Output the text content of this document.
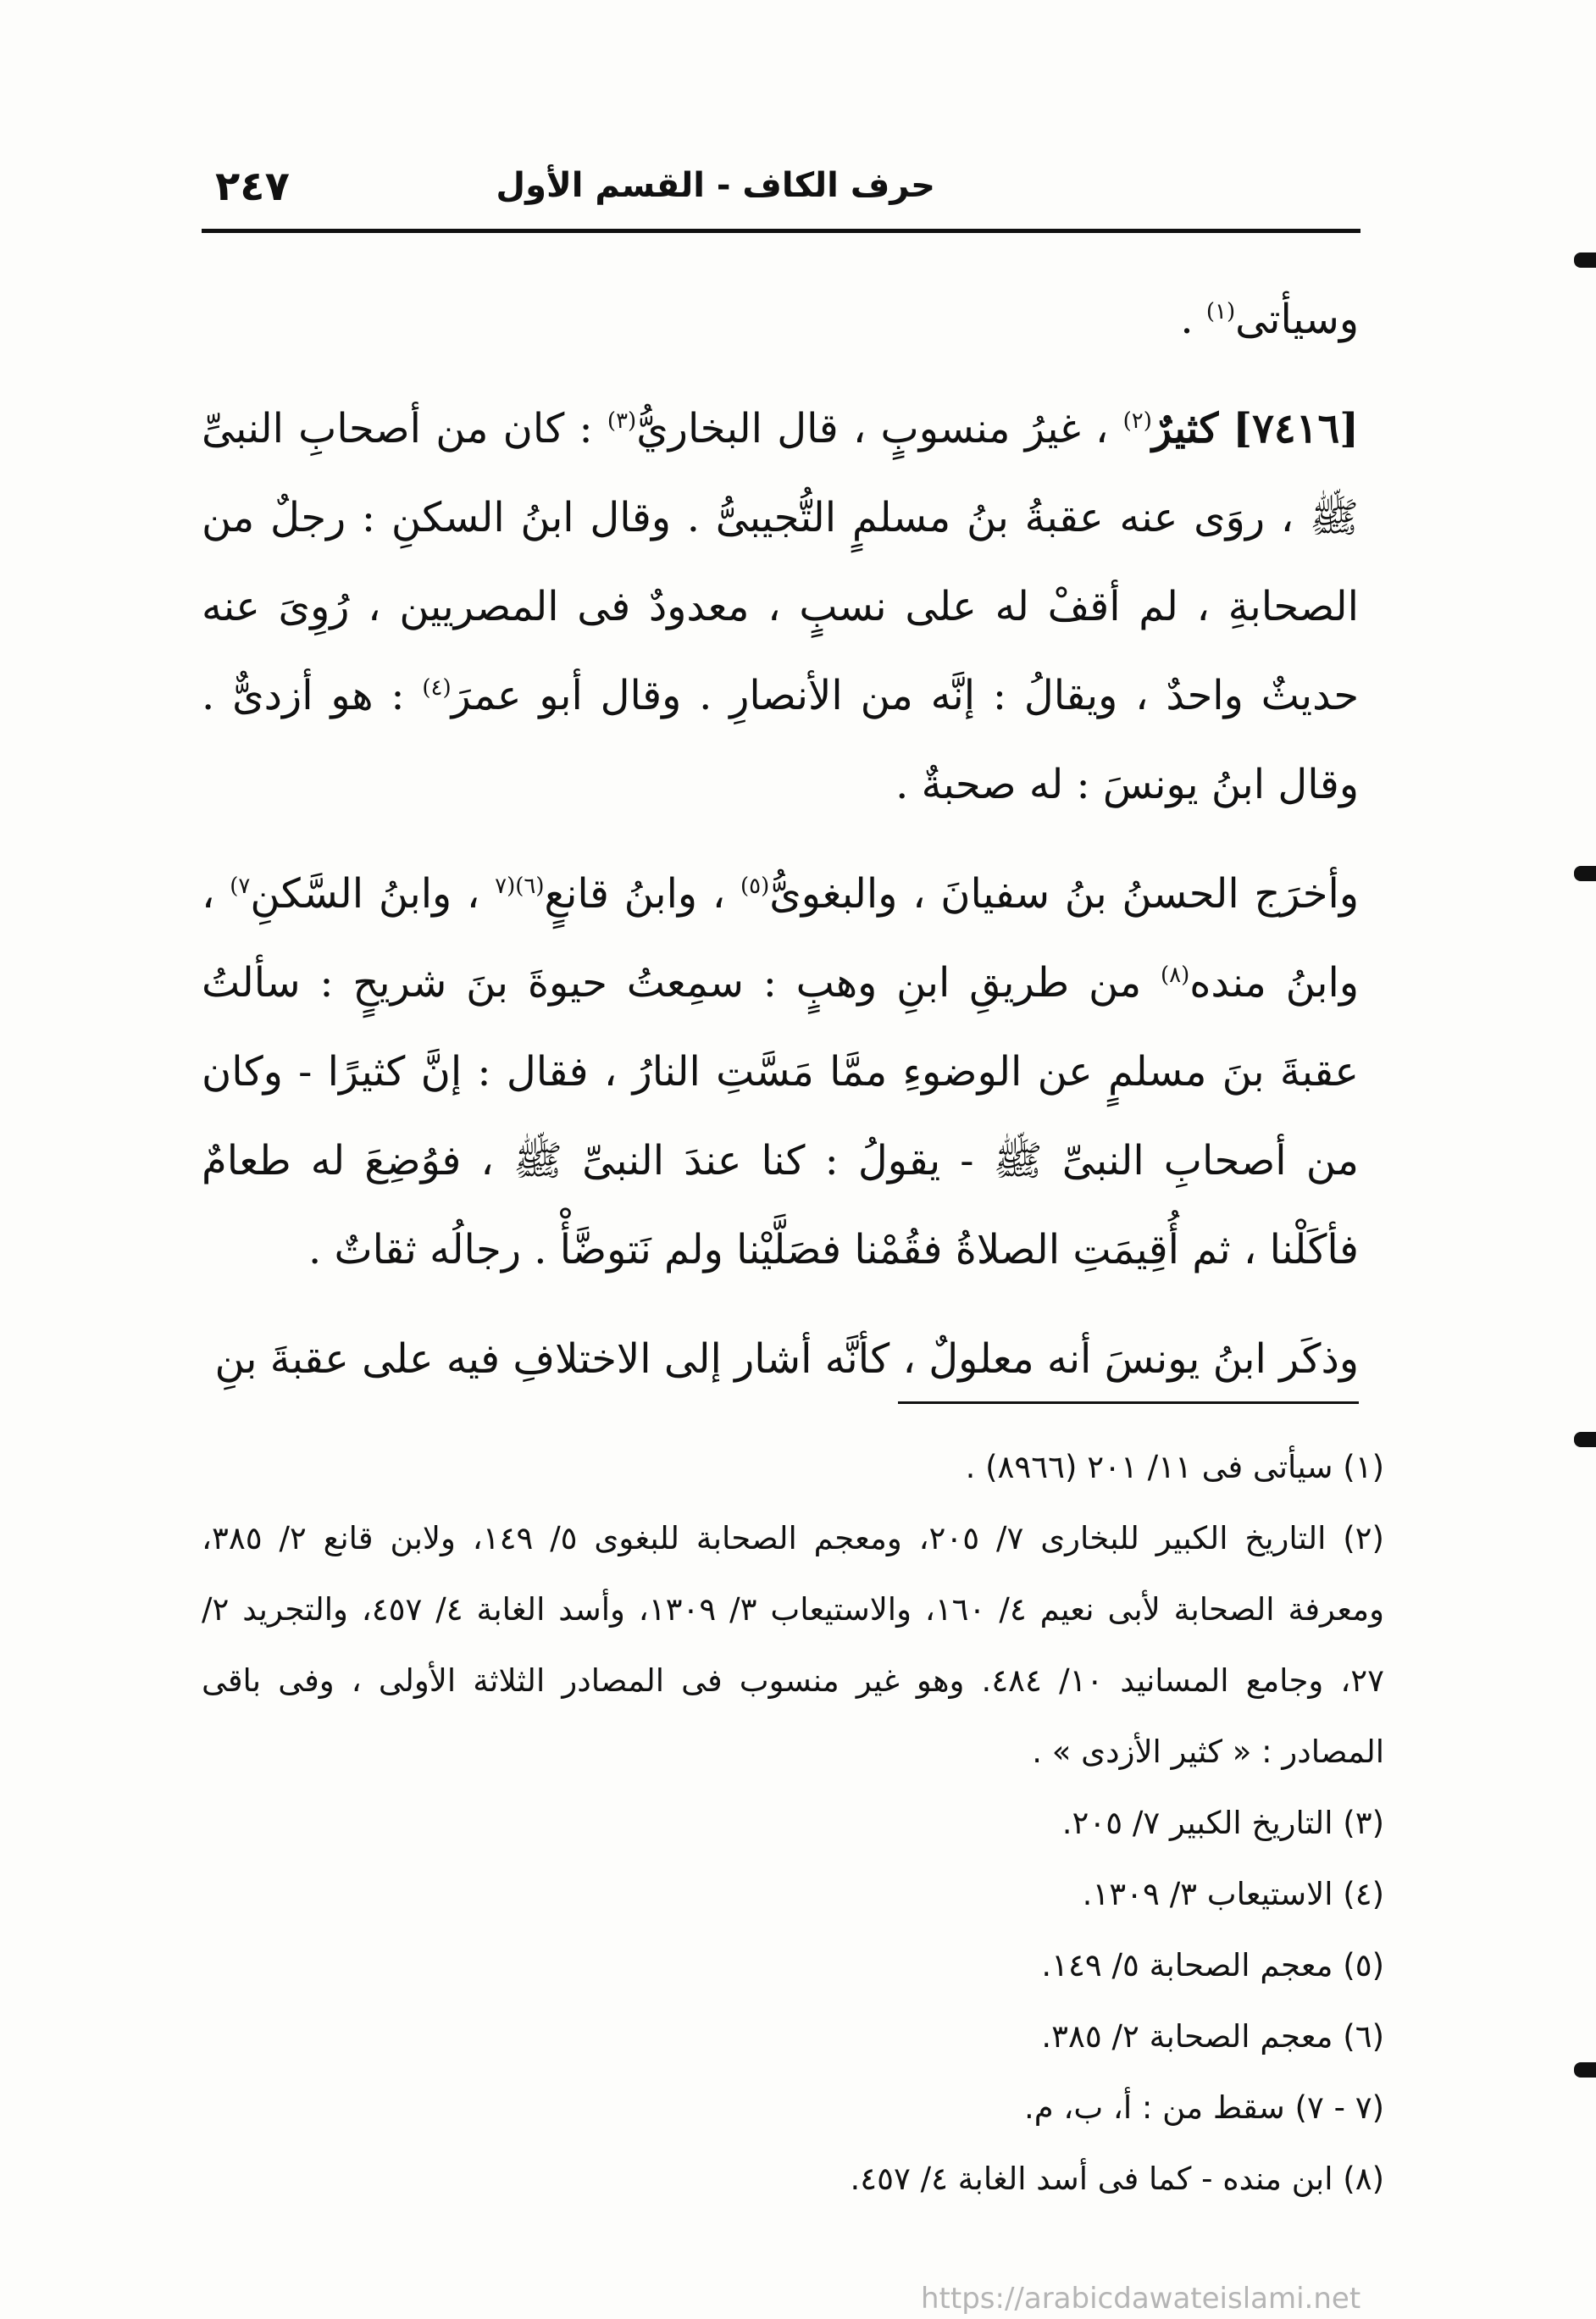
٢٤٧	حرف الكاف - القسم الأول

وسيأتى$^{(١)}$ .

[٧٤١٦] كثيرٌ$^{(٢)}$ ، غيرُ منسوبٍ ، قال البخاريُّ$^{(٣)}$ : كان من أصحابِ النبىِّ ﷺ ، روَى عنه عقبةُ بنُ مسلمٍ التُّجيبىُّ . وقال ابنُ السكنِ : رجلٌ من الصحابةِ ، لم أقفْ له على نسبٍ ، معدودٌ فى المصريين ، رُوِىَ عنه حديثٌ واحدٌ ، ويقالُ : إنَّه من الأنصارِ . وقال أبو عمرَ$^{(٤)}$ : هو أزدىٌّ . وقال ابنُ يونسَ : له صحبةٌ .

وأخرَج الحسنُ بنُ سفيانَ ، والبغوىُّ$^{(٥)}$ ، وابنُ قانعٍ$^{(٦)(٧}$ ، وابنُ السَّكنِ$^{٧)}$ ، وابنُ منده$^{(٨)}$ من طريقِ ابنِ وهبٍ : سمِعتُ حيوةَ بنَ شريحٍ : سألتُ عقبةَ بنَ مسلمٍ عن الوضوءِ ممَّا مَسَّتِ النارُ ، فقال : إنَّ كثيرًا - وكان من أصحابِ النبىِّ ﷺ - يقولُ : كنا عندَ النبىِّ ﷺ ، فوُضِعَ له طعامٌ فأكَلْنا ، ثم أُقِيمَتِ الصلاةُ فقُمْنا فصَلَّيْنا ولم نَتوضَّأْ . رجالُه ثقاتٌ .

وذكَر ابنُ يونسَ أنه معلولٌ ، كأنَّه أشار إلى الاختلافِ فيه على عقبةَ بنِ

(١) سيأتى فى ١١/ ٢٠١ (٨٩٦٦) .

(٢) التاريخ الكبير للبخارى ٧/ ٢٠٥، ومعجم الصحابة للبغوى ٥/ ١٤٩، ولابن قانع ٢/ ٣٨٥، ومعرفة الصحابة لأبى نعيم ٤/ ١٦٠، والاستيعاب ٣/ ١٣٠٩، وأسد الغابة ٤/ ٤٥٧، والتجريد ٢/ ٢٧، وجامع المسانيد ١٠/ ٤٨٤. وهو غير منسوب فى المصادر الثلاثة الأولى ، وفى باقى المصادر : « كثير الأزدى » .

(٣) التاريخ الكبير ٧/ ٢٠٥.

(٤) الاستيعاب ٣/ ١٣٠٩.

(٥) معجم الصحابة ٥/ ١٤٩.

(٦) معجم الصحابة ٢/ ٣٨٥.

(٧ - ٧) سقط من : أ، ب، م.

(٨) ابن منده - كما فى أسد الغابة ٤/ ٤٥٧.

https://arabicdawateislami.net
